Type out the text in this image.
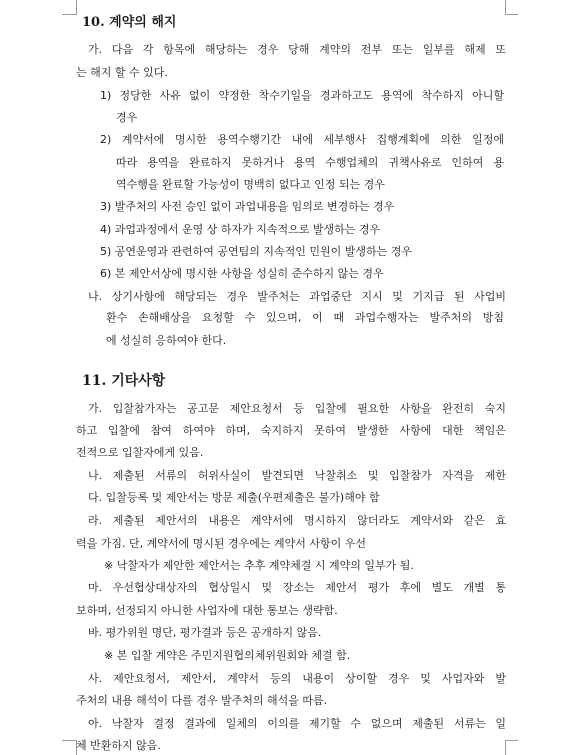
10. 계약의 해지
가. 다음 각 항목에 해당하는 경우 당해 계약의 전부 또는 일부를 해제 또
는 해지 할 수 있다.
1) 정당한 사유 없이 약정한 착수기일을 경과하고도 용역에 착수하지 아니할
경우
2) 계약서에 명시한 용역수행기간 내에 세부행사 집행계획에 의한 일정에
따라 용역을 완료하지 못하거나 용역 수행업체의 귀책사유로 인하여 용
역수행을 완료할 가능성이 명백히 없다고 인정 되는 경우
3) 발주처의 사전 승인 없이 과업내용을 임의로 변경하는 경우
4) 과업과정에서 운영 상 하자가 지속적으로 발생하는 경우
5) 공연운영과 관련하여 공연팀의 지속적인 민원이 발생하는 경우
6) 본 제안서상에 명시한 사항을 성실히 준수하지 않는 경우
나. 상기사항에 해당되는 경우 발주처는 과업중단 지시 및 기지급 된 사업비
환수 손해배상을 요청할 수 있으며, 이 때 과업수행자는 발주처의 방침
에 성실히 응하여야 한다.
11. 기타사항
가. 입찰참가자는 공고문 제안요청서 등 입찰에 필요한 사항을 완전히 숙지
하고 입찰에 참여 하여야 하며, 숙지하지 못하여 발생한 사항에 대한 책임은
전적으로 입찰자에게 있음.
나. 제출된 서류의 허위사실이 발견되면 낙찰취소 및 입찰참가 자격을 제한
다. 입찰등록 및 제안서는 방문 제출(우편제출은 불가)해야 함
라. 제출된 제안서의 내용은 계약서에 명시하지 않더라도 계약서와 같은 효
력을 가짐. 단, 계약서에 명시된 경우에는 계약서 사항이 우선
※ 낙찰자가 제안한 제안서는 추후 계약체결 시 계약의 일부가 됨.
마. 우선협상대상자의 협상일시 및 장소는 제안서 평가 후에 별도 개별 통
보하며, 선정되지 아니한 사업자에 대한 통보는 생략함.
바. 평가위원 명단, 평가결과 등은 공개하지 않음.
※ 본 입찰 계약은 주민지원협의체위원회와 체결 함.
사. 제안요청서, 제안서, 계약서 등의 내용이 상이할 경우 및 사업자와 발
주처의 내용 해석이 다를 경우 발주처의 해석을 따름.
아. 낙찰자 결정 결과에 일체의 이의를 제기할 수 없으며 제출된 서류는 일
체 반환하지 않음.
